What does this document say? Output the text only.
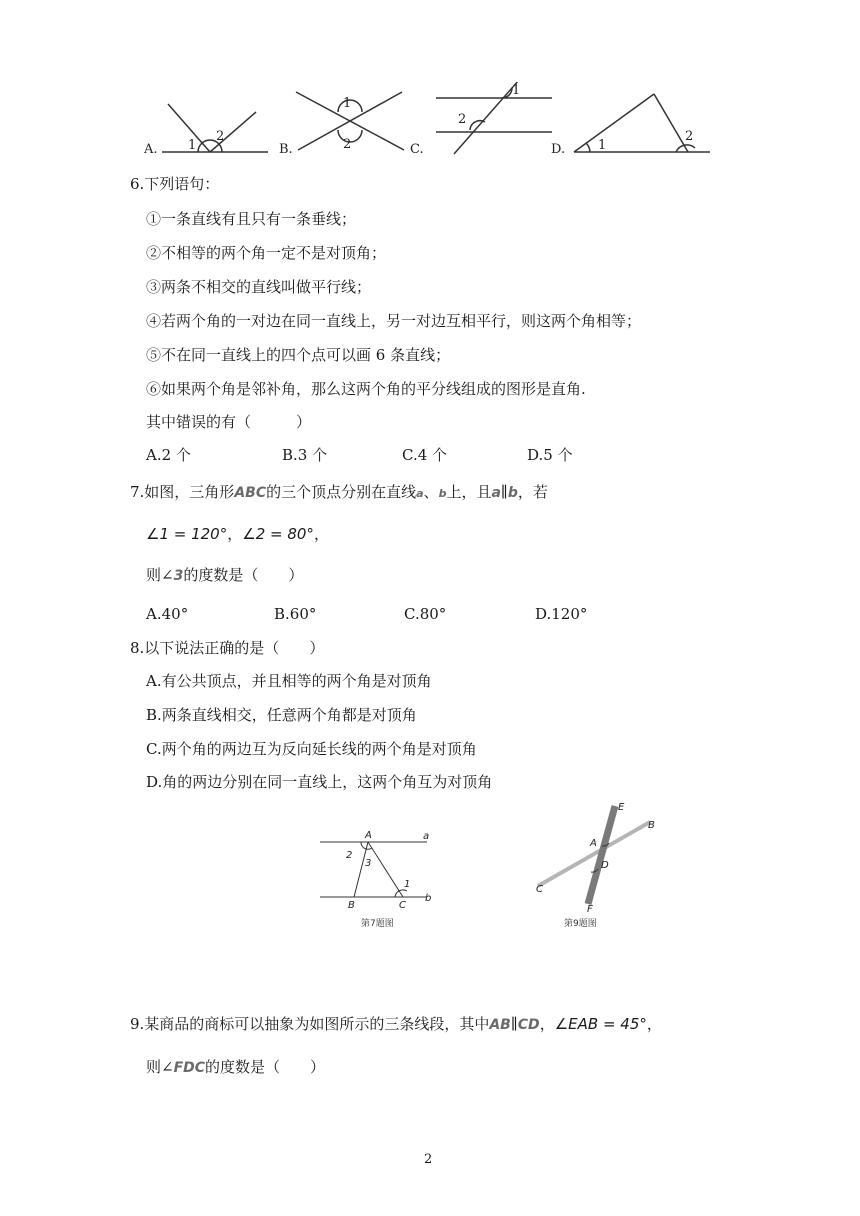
A. 1
2
B.
1
2	C.
1
2
D.	1
2
6.下列语句：
①一条直线有且只有一条垂线；
②不相等的两个角一定不是对顶角；
③两条不相交的直线叫做平行线；
④若两个角的一对边在同一直线上，另一对边互相平行，则这两个角相等；
⑤不在同一直线上的四个点可以画 6 条直线；
⑥如果两个角是邻补角，那么这两个角的平分线组成的图形是直角.
其中错误的有（　　　）
A.2 个	B.3 个	C.4 个	D.5 个
7.如图，三角形ABC的三个顶点分别在直线a、b上，且a∥b，若
∠1 = 120°，∠2 = 80°，
则∠3的度数是（　　）
A.40°	B.60°	C.80°	D.120°
8.以下说法正确的是（　　）
A.有公共顶点，并且相等的两个角是对顶角
B.两条直线相交，任意两个角都是对顶角
C.两个角的两边互为反向延长线的两个角是对顶角
D.角的两边分别在同一直线上，这两个角互为对顶角
A	a
2
3
1
b
B	C
第7题图
E
B
A
D
C
F
第9题图
9.某商品的商标可以抽象为如图所示的三条线段，其中AB∥CD，∠EAB = 45°，
则∠FDC的度数是（　　）
2
